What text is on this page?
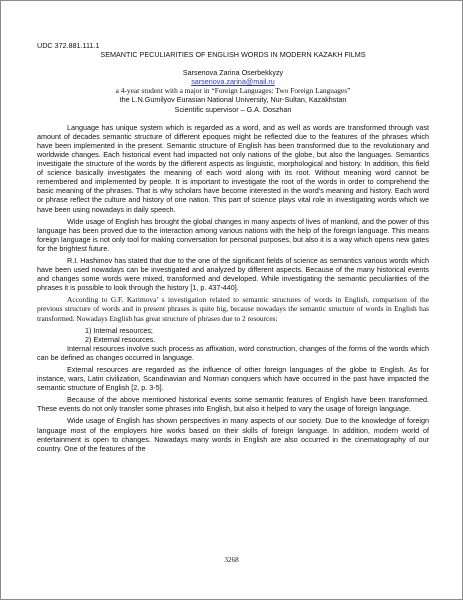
UDC 372.881.111.1
SEMANTIC PECULIARITIES OF ENGLISH WORDS IN MODERN KAZAKH FILMS
Sarsenova Zarina Oserbekkyzy
sarsenova.zarina@mail.ru
a 4-year student with a major in “Foreign Languages: Two Foreign Languages”
the L.N.Gumilyov Eurasian National University, Nur-Sultan, Kazakhstan
Scientific supervisor – G.A. Doszhan

Language has unique system which is regarded as a word, and as well as words are transformed through vast amount of decades semantic structure of different epoques might be reflected due to the features of the phrases which have been implemented in the present. Semantic structure of English has been transformed due to the revolutionary and worldwide changes. Each historical event had impacted not only nations of the globe, but also the languages. Semantics investigate the structure of the words by the different aspects as linguistic, morphological and history. In addition, this field of science basically investigates the meaning of each word along with its root. Without meaning word cannot be remembered and implemented by people. It is important to investigate the root of the words in order to comprehend the basic meaning of the phrases. That is why scholars have become interested in the word’s meaning and history. Each word or phrase reflect the culture and history of one nation. This part of science plays vital role in investigating words which we have been using nowadays in daily speech.

Wide usage of English has brought the global changes in many aspects of lives of mankind, and the power of this language has been proved due to the interaction among various nations with the help of the foreign language. This means foreign language is not only tool for making conversation for personal purposes, but also it is a way which opens new gates for the brightest future.

R.I. Hashimov has stated that due to the one of the significant fields of science as semantics various words which have been used nowadays can be investigated and analyzed by different aspects. Because of the many historical events and changes some words were mixed, transformed and developed. While investigating the semantic peculiarities of the phrases it is possible to look through the history [1, p. 437-440].

According to G.F. Karimova’ s investigation related to semantic structures of words in English, comparison of the previous structure of words and in present phrases is quite big, because nowadays the semantic structure of words in English has transformed. Nowadays English has great structure of phrases due to 2 resources:

1) Internal resources;
2) External resources.

Internal resources involve such process as affixation, word construction, changes of the forms of the words which can be defined as changes occurred in language.

External resources are regarded as the influence of other foreign languages of the globe to English. As for instance, wars, Latin civilization, Scandinavian and Norman conquers which have occurred in the past have impacted the semantic structure of English [2, p. 3-5].

Because of the above mentioned historical events some semantic features of English have been transformed. These events do not only transfer some phrases into English, but also it helped to vary the usage of foreign language.

Wide usage of English has shown perspectives in many aspects of our society. Due to the knowledge of foreign language most of the employers hire works based on their skills of foreign language. In addition, modern world of entertainment is open to changes. Nowadays many words in English are also occurred in the cinematography of our country. One of the features of the

3268
